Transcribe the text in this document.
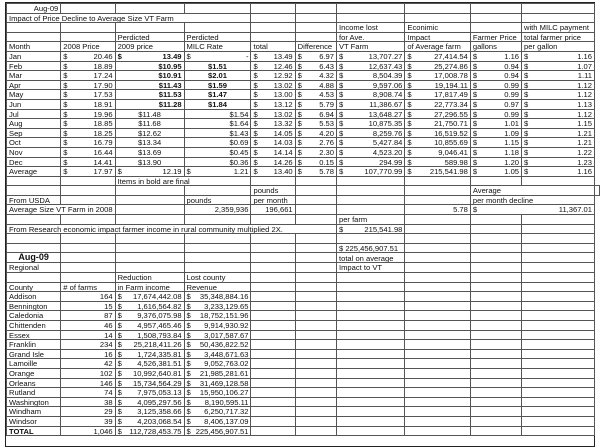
Aug-09										
Impact of Price Decline to Average Size VT Farm										
						Income lost	Econimic		with MILC payment	
		Perdicted	Perdicted			for Ave.	Impact	Farmer Price	total farmer price	
Month	2008 Price	2009 price	MILC Rate	total	Difference	VT Farm	of Average farm	gallons	per gallon	
Jan	$ 20.46	$ 13.49	$ -	$ 13.49	$ 6.97	$ 13,707.27	$ 27,414.54	$ 1.16	$ 1.16	

Feb	$ 18.89	$10.95	$1.51	$ 12.46	$ 6.43	$ 12,637.43	$ 25,274.86	$ 0.94	$ 1.07	

Mar	$ 17.24	$10.91	$2.01	$ 12.92	$ 4.32	$ 8,504.39	$ 17,008.78	$ 0.94	$ 1.11	

Apr	$ 17.90	$11.43	$1.59	$ 13.02	$ 4.88	$ 9,597.06	$ 19,194.11	$ 0.99	$ 1.12	

May	$ 17.53	$11.53	$1.47	$ 13.00	$ 4.53	$ 8,908.74	$ 17,817.49	$ 0.99	$ 1.12	

Jun	$ 18.91	$11.28	$1.84	$ 13.12	$ 5.79	$ 11,386.67	$ 22,773.34	$ 0.97	$ 1.13	

Jul	$ 19.96	$11.48	$1.54	$ 13.02	$ 6.94	$ 13,648.27	$ 27,296.55	$ 0.99	$ 1.12	

Aug	$ 18.85	$11.68	$1.64	$ 13.32	$ 5.53	$ 10,875.35	$ 21,750.71	$ 1.01	$ 1.15	

Sep	$ 18.25	$12.62	$1.43	$ 14.05	$ 4.20	$ 8,259.76	$ 16,519.52	$ 1.09	$ 1.21	

Oct	$ 16.79	$13.34	$0.69	$ 14.03	$ 2.76	$ 5,427.84	$ 10,855.69	$ 1.15	$ 1.21	

Nov	$ 16.44	$13.69	$0.45	$ 14.14	$ 2.30	$ 4,523.20	$ 9,046.41	$ 1.18	$ 1.22	

Dec	$ 14.41	$13.90	$0.36	$ 14.26	$ 0.15	$ 294.99	$ 589.98	$ 1.20	$ 1.23	

Average	$ 17.97	$ 12.19	$ 1.21	$ 13.40	$ 5.78	$ 107,770.99	$ 215,541.98	$ 1.05	$ 1.16	

		Items in bold are final								
				pounds				Average		
From USDA			pounds	per month				per month decline		
Average Size VT Farm in 2008			2,359,936	196,661			5.78	$ 11,367.01		

						per farm				
From Research economic impact farmer income in rural community multiplied 2X.						$ 215,541.98				

						$ 225,456,907.51				
Aug-09						total on average				
Regional						Impact to VT				
		Reduction	Lost county							
County	# of farms	in Farm income	Revenue							
Addison	164	$ 17,674,442.08	$ 35,348,884.16							

Bennington	15	$ 1,616,564.82	$ 3,233,129.65							

Caledonia	87	$ 9,376,075.98	$ 18,752,151.96							

Chittenden	46	$ 4,957,465.46	$ 9,914,930.92							

Essex	14	$ 1,508,793.84	$ 3,017,587.67							

Franklin	234	$ 25,218,411.26	$ 50,436,822.52							

Grand Isle	16	$ 1,724,335.81	$ 3,448,671.63							

Lamoille	42	$ 4,526,381.51	$ 9,052,763.02							

Orange	102	$ 10,992,640.81	$ 21,985,281.61							

Orleans	146	$ 15,734,564.29	$ 31,469,128.58							

Rutland	74	$ 7,975,053.13	$ 15,950,106.27							

Washington	38	$ 4,095,297.56	$ 8,190,595.11							

Windham	29	$ 3,125,358.66	$ 6,250,717.32							

Windsor	39	$ 4,203,068.54	$ 8,406,137.09							

TOTAL	1,046	$ 112,728,453.75	$ 225,456,907.51							
